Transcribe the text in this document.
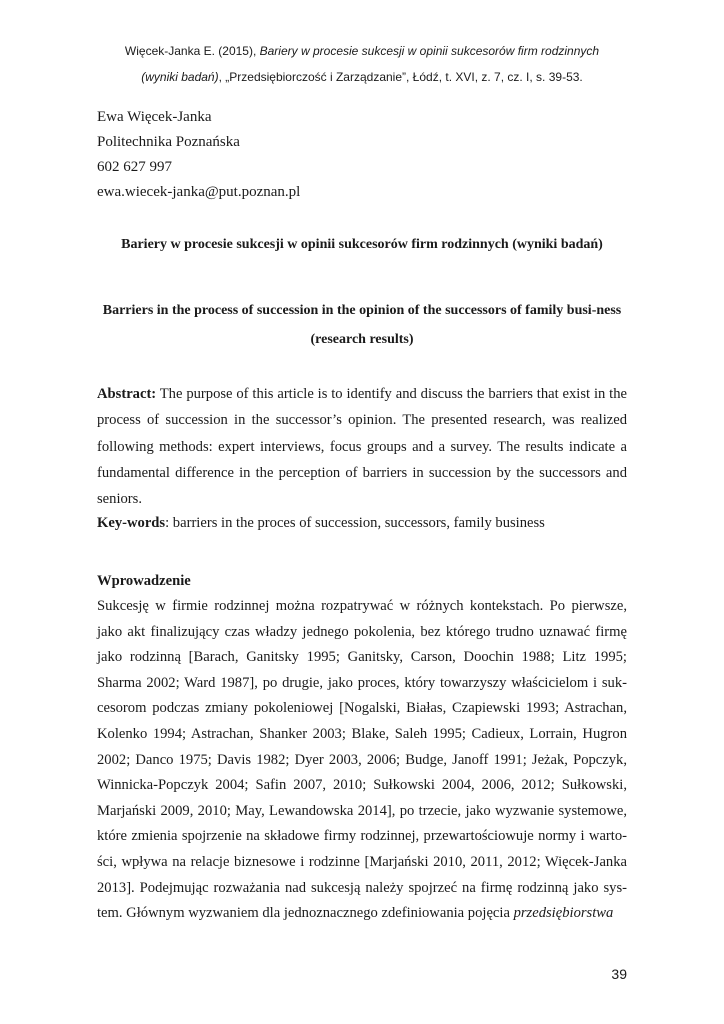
Więcek-Janka E. (2015), Bariery w procesie sukcesji w opinii sukcesorów firm rodzinnych
(wyniki badań), „Przedsiębiorczość i Zarządzanie”, Łódź, t. XVI, z. 7, cz. I, s. 39-53.
Ewa Więcek-Janka
Politechnika Poznańska
602 627 997
ewa.wiecek-janka@put.poznan.pl
Bariery w procesie sukcesji w opinii sukcesorów firm rodzinnych (wyniki badań)
Barriers in the process of succession in the opinion of the successors of family busi-ness (research results)

Abstract: The purpose of this article is to identify and discuss the barriers that exist in the process of succession in the successor’s opinion. The presented research, was realized following methods: expert interviews, focus groups and a survey. The results indicate a fundamental difference in the perception of barriers in succession by the successors and seniors.

Key-words: barriers in the proces of succession, successors, family business

Wprowadzenie

Sukcesję w firmie rodzinnej można rozpatrywać w różnych kontekstach. Po pierwsze, jako akt finalizujący czas władzy jednego pokolenia, bez którego trudno uznawać firmę jako rodzinną [Barach, Ganitsky 1995; Ganitsky, Carson, Doochin 1988; Litz 1995; Sharma 2002; Ward 1987], po drugie, jako proces, który towarzyszy właścicielom i suk-cesorom podczas zmiany pokoleniowej [Nogalski, Białas, Czapiewski 1993; Astrachan, Kolenko 1994; Astrachan, Shanker 2003; Blake, Saleh 1995; Cadieux, Lorrain, Hugron 2002; Danco 1975; Davis 1982; Dyer 2003, 2006; Budge, Janoff 1991; Jeżak, Popczyk, Winnicka-Popczyk 2004; Safin 2007, 2010; Sułkowski 2004, 2006, 2012; Sułkowski, Marjański 2009, 2010; May, Lewandowska 2014], po trzecie, jako wyzwanie systemowe, które zmienia spojrzenie na składowe firmy rodzinnej, przewartościowuje normy i warto-ści, wpływa na relacje biznesowe i rodzinne [Marjański 2010, 2011, 2012; Więcek-Janka 2013]. Podejmując rozważania nad sukcesją należy spojrzeć na firmę rodzinną jako sys-tem. Głównym wyzwaniem dla jednoznacznego zdefiniowania pojęcia przedsiębiorstwa

39
